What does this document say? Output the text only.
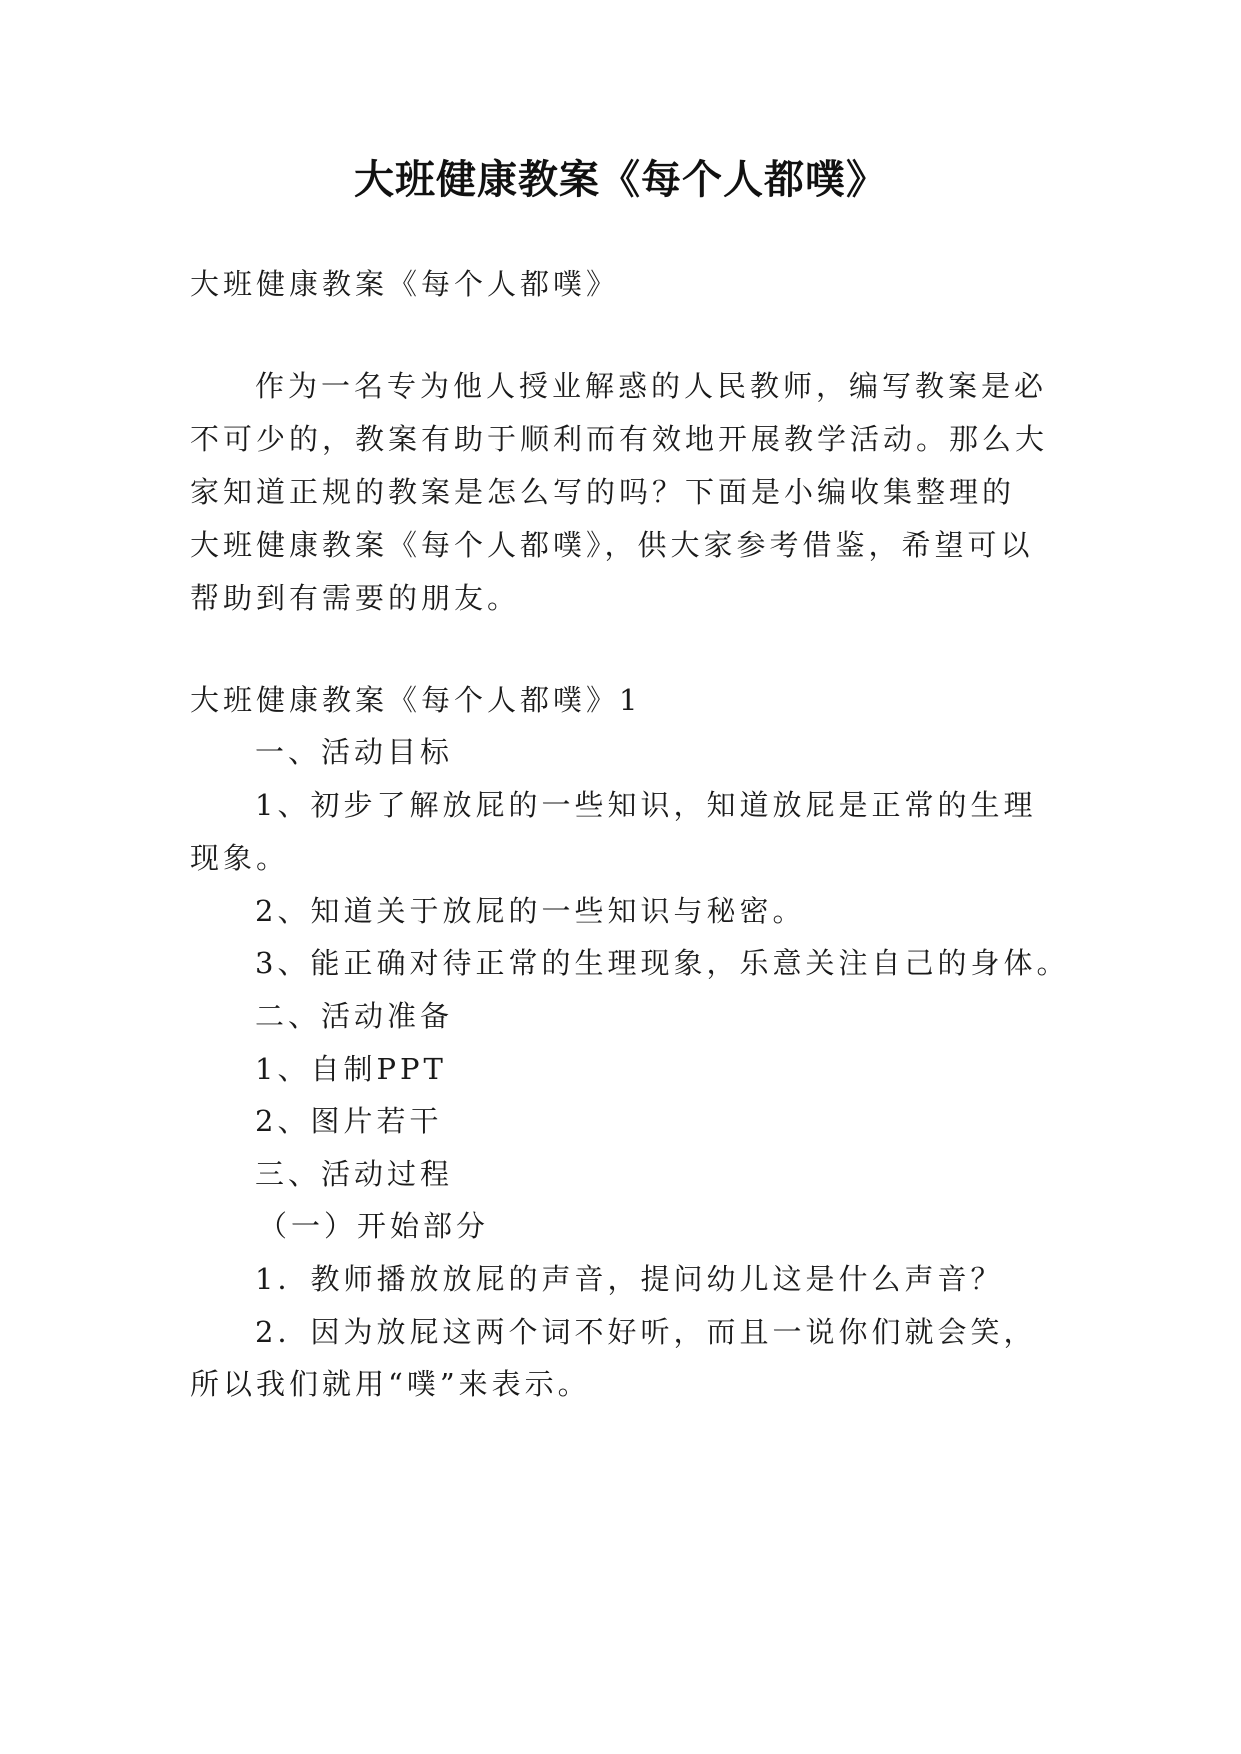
大班健康教案《每个人都噗》
大班健康教案《每个人都噗》
作为一名专为他人授业解惑的人民教师，编写教案是必
不可少的，教案有助于顺利而有效地开展教学活动。那么大
家知道正规的教案是怎么写的吗？下面是小编收集整理的
大班健康教案《每个人都噗》，供大家参考借鉴，希望可以
帮助到有需要的朋友。
大班健康教案《每个人都噗》1
一、活动目标
1、初步了解放屁的一些知识，知道放屁是正常的生理
现象。
2、知道关于放屁的一些知识与秘密。
3、能正确对待正常的生理现象，乐意关注自己的身体。
二、活动准备
1、自制PPT
2、图片若干
三、活动过程
（一）开始部分
1．教师播放放屁的声音，提问幼儿这是什么声音？
2．因为放屁这两个词不好听，而且一说你们就会笑，
所以我们就用“噗”来表示。
